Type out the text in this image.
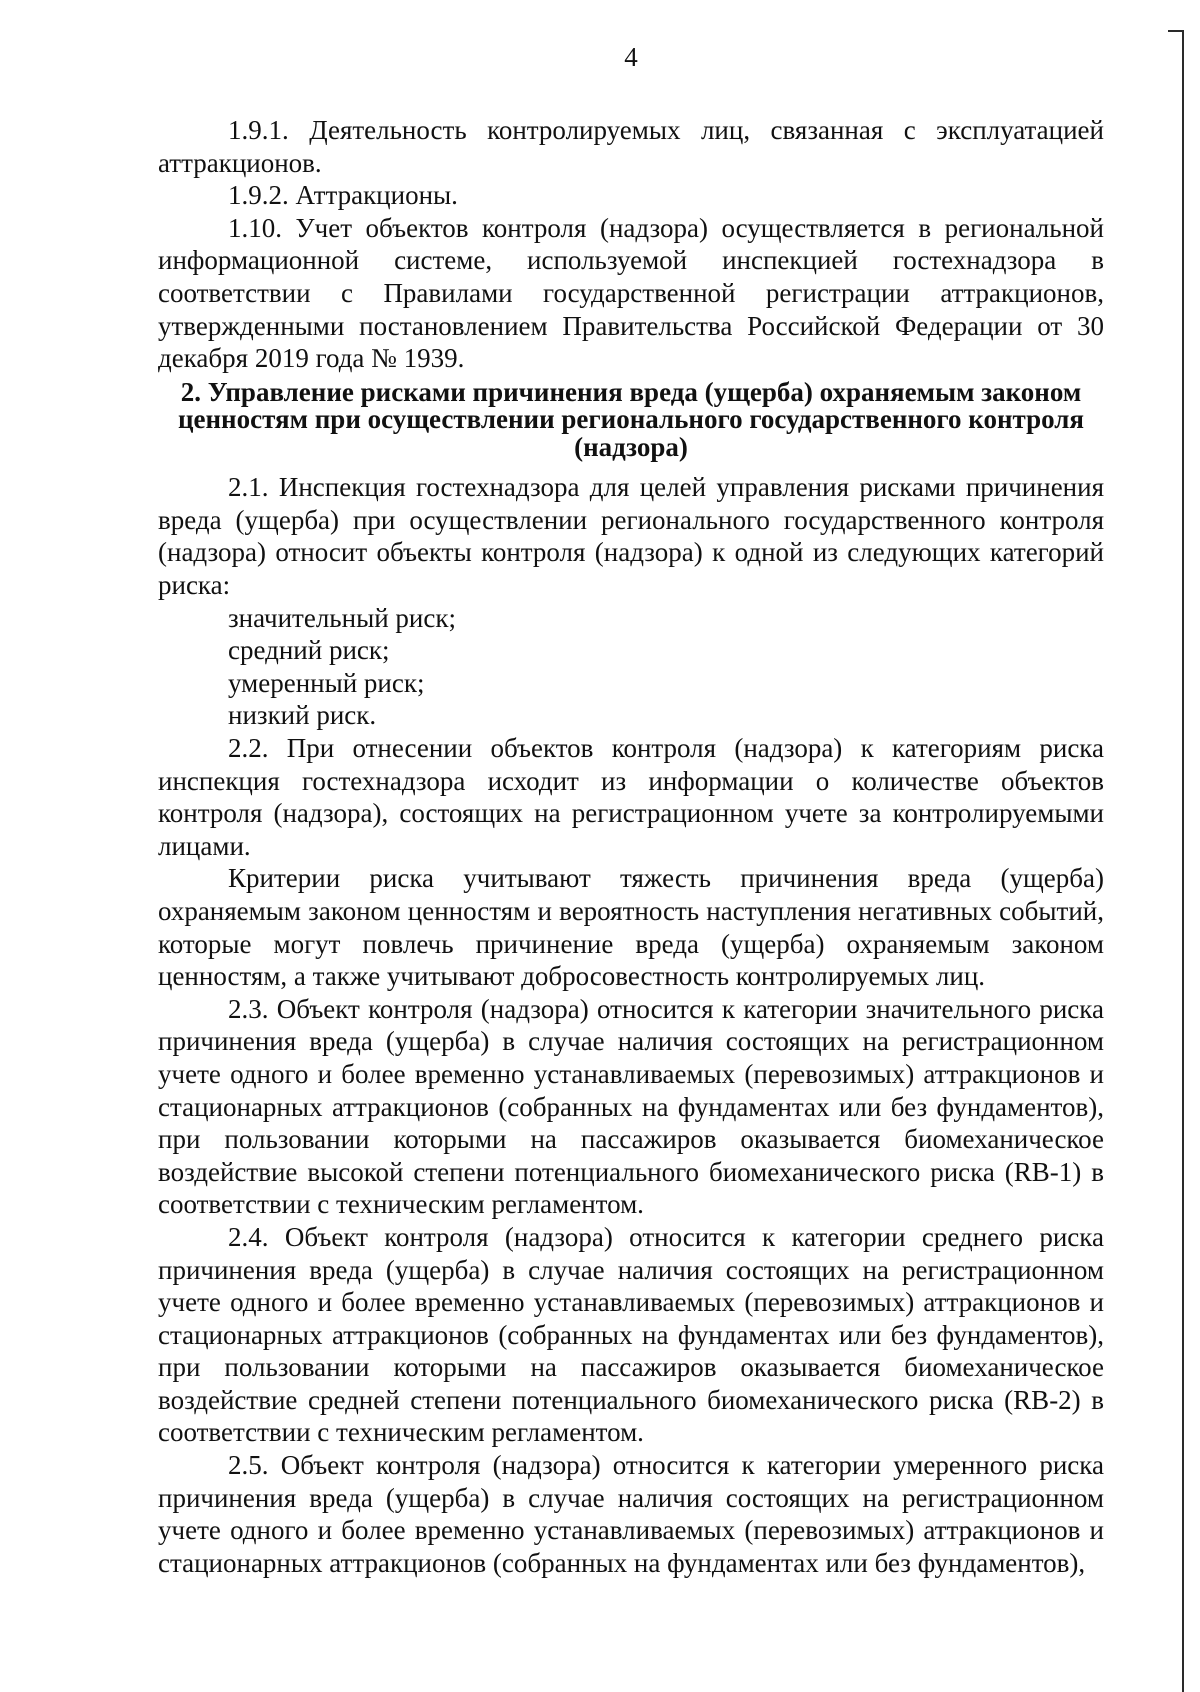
4

1.9.1. Деятельность контролируемых лиц, связанная с эксплуатацией аттракционов.

1.9.2. Аттракционы.

1.10. Учет объектов контроля (надзора) осуществляется в региональной информационной системе, используемой инспекцией гостехнадзора в соответствии с Правилами государственной регистрации аттракционов, утвержденными постановлением Правительства Российской Федерации от 30 декабря 2019 года № 1939.

2. Управление рисками причинения вреда (ущерба) охраняемым законом ценностям при осуществлении регионального государственного контроля (надзора)

2.1. Инспекция гостехнадзора для целей управления рисками причинения вреда (ущерба) при осуществлении регионального государственного контроля (надзора) относит объекты контроля (надзора) к одной из следующих категорий риска:

значительный риск;

средний риск;

умеренный риск;

низкий риск.

2.2. При отнесении объектов контроля (надзора) к категориям риска инспекция гостехнадзора исходит из информации о количестве объектов контроля (надзора), состоящих на регистрационном учете за контролируемыми лицами.

Критерии риска учитывают тяжесть причинения вреда (ущерба) охраняемым законом ценностям и вероятность наступления негативных событий, которые могут повлечь причинение вреда (ущерба) охраняемым законом ценностям, а также учитывают добросовестность контролируемых лиц.

2.3. Объект контроля (надзора) относится к категории значительного риска причинения вреда (ущерба) в случае наличия состоящих на регистрационном учете одного и более временно устанавливаемых (перевозимых) аттракционов и стационарных аттракционов (собранных на фундаментах или без фундаментов), при пользовании которыми на пассажиров оказывается биомеханическое воздействие высокой степени потенциального биомеханического риска (RB-1) в соответствии с техническим регламентом.

2.4. Объект контроля (надзора) относится к категории среднего риска причинения вреда (ущерба) в случае наличия состоящих на регистрационном учете одного и более временно устанавливаемых (перевозимых) аттракционов и стационарных аттракционов (собранных на фундаментах или без фундаментов), при пользовании которыми на пассажиров оказывается биомеханическое воздействие средней степени потенциального биомеханического риска (RB-2) в соответствии с техническим регламентом.

2.5. Объект контроля (надзора) относится к категории умеренного риска причинения вреда (ущерба) в случае наличия состоящих на регистрационном учете одного и более временно устанавливаемых (перевозимых) аттракционов и стационарных аттракционов (собранных на фундаментах или без фундаментов),
